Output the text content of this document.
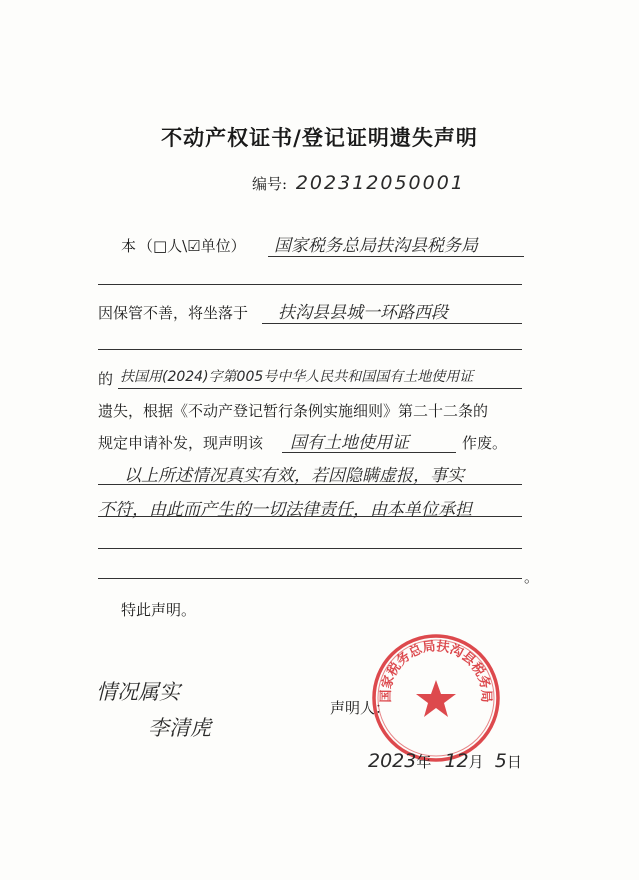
不动产权证书/登记证明遗失声明
编号: 202312050001
本 （□人\☑单位） 国家税务总局扶沟县税务局
因保管不善，将坐落于 扶沟县县城一环路西段
的 扶国用(2024)字第005号中华人民共和国国有土地使用证
遗失，根据《不动产登记暂行条例实施细则》第二十二条的
规定申请补发，现声明该 国有土地使用证	作废。
以上所述情况真实有效，若因隐瞒虚报，事实
不符，由此而产生的一切法律责任，由本单位承担
。
特此声明。
情况属实
李清虎
声明人：
国家税务总局扶沟县税务局
2023年 12月 5日
